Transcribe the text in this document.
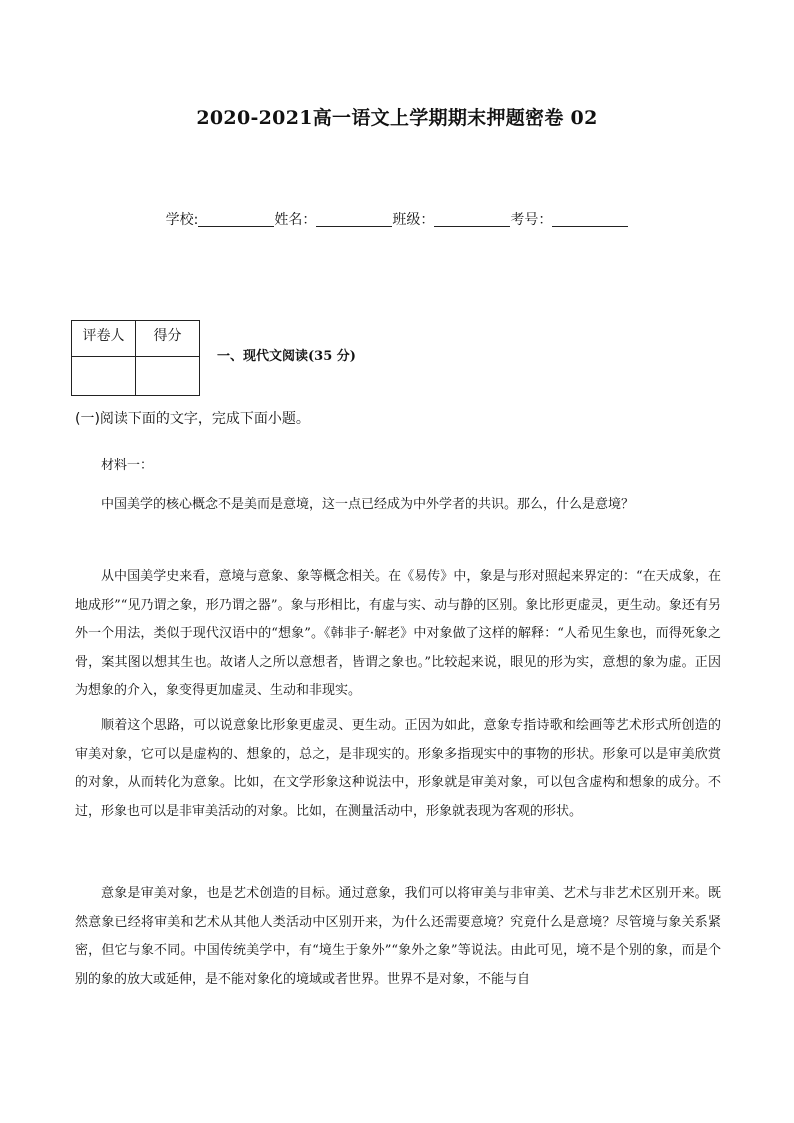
2020-2021高一语文上学期期末押题密卷 02
学校:	姓名：	班级：	考号：
评卷人	得分

一、现代文阅读(35 分)
(一)阅读下面的文字，完成下面小题。
材料一：

中国美学的核心概念不是美而是意境，这一点已经成为中外学者的共识。那么，什么是意境？

从中国美学史来看，意境与意象、象等概念相关。在《易传》中，象是与形对照起来界定的：“在天成象，在地成形”“见乃谓之象，形乃谓之器”。象与形相比，有虚与实、动与静的区别。象比形更虚灵，更生动。象还有另外一个用法，类似于现代汉语中的“想象”。《韩非子·解老》中对象做了这样的解释：“人希见生象也，而得死象之骨，案其图以想其生也。故诸人之所以意想者，皆谓之象也。”比较起来说，眼见的形为实，意想的象为虚。正因为想象的介入，象变得更加虚灵、生动和非现实。

顺着这个思路，可以说意象比形象更虚灵、更生动。正因为如此，意象专指诗歌和绘画等艺术形式所创造的审美对象，它可以是虚构的、想象的，总之，是非现实的。形象多指现实中的事物的形状。形象可以是审美欣赏的对象，从而转化为意象。比如，在文学形象这种说法中，形象就是审美对象，可以包含虚构和想象的成分。不过，形象也可以是非审美活动的对象。比如，在测量活动中，形象就表现为客观的形状。

意象是审美对象，也是艺术创造的目标。通过意象，我们可以将审美与非审美、艺术与非艺术区别开来。既然意象已经将审美和艺术从其他人类活动中区别开来，为什么还需要意境？究竟什么是意境？尽管境与象关系紧密，但它与象不同。中国传统美学中，有“境生于象外”“象外之象”等说法。由此可见，境不是个别的象，而是个别的象的放大或延伸，是不能对象化的境域或者世界。世界不是对象，不能与自
